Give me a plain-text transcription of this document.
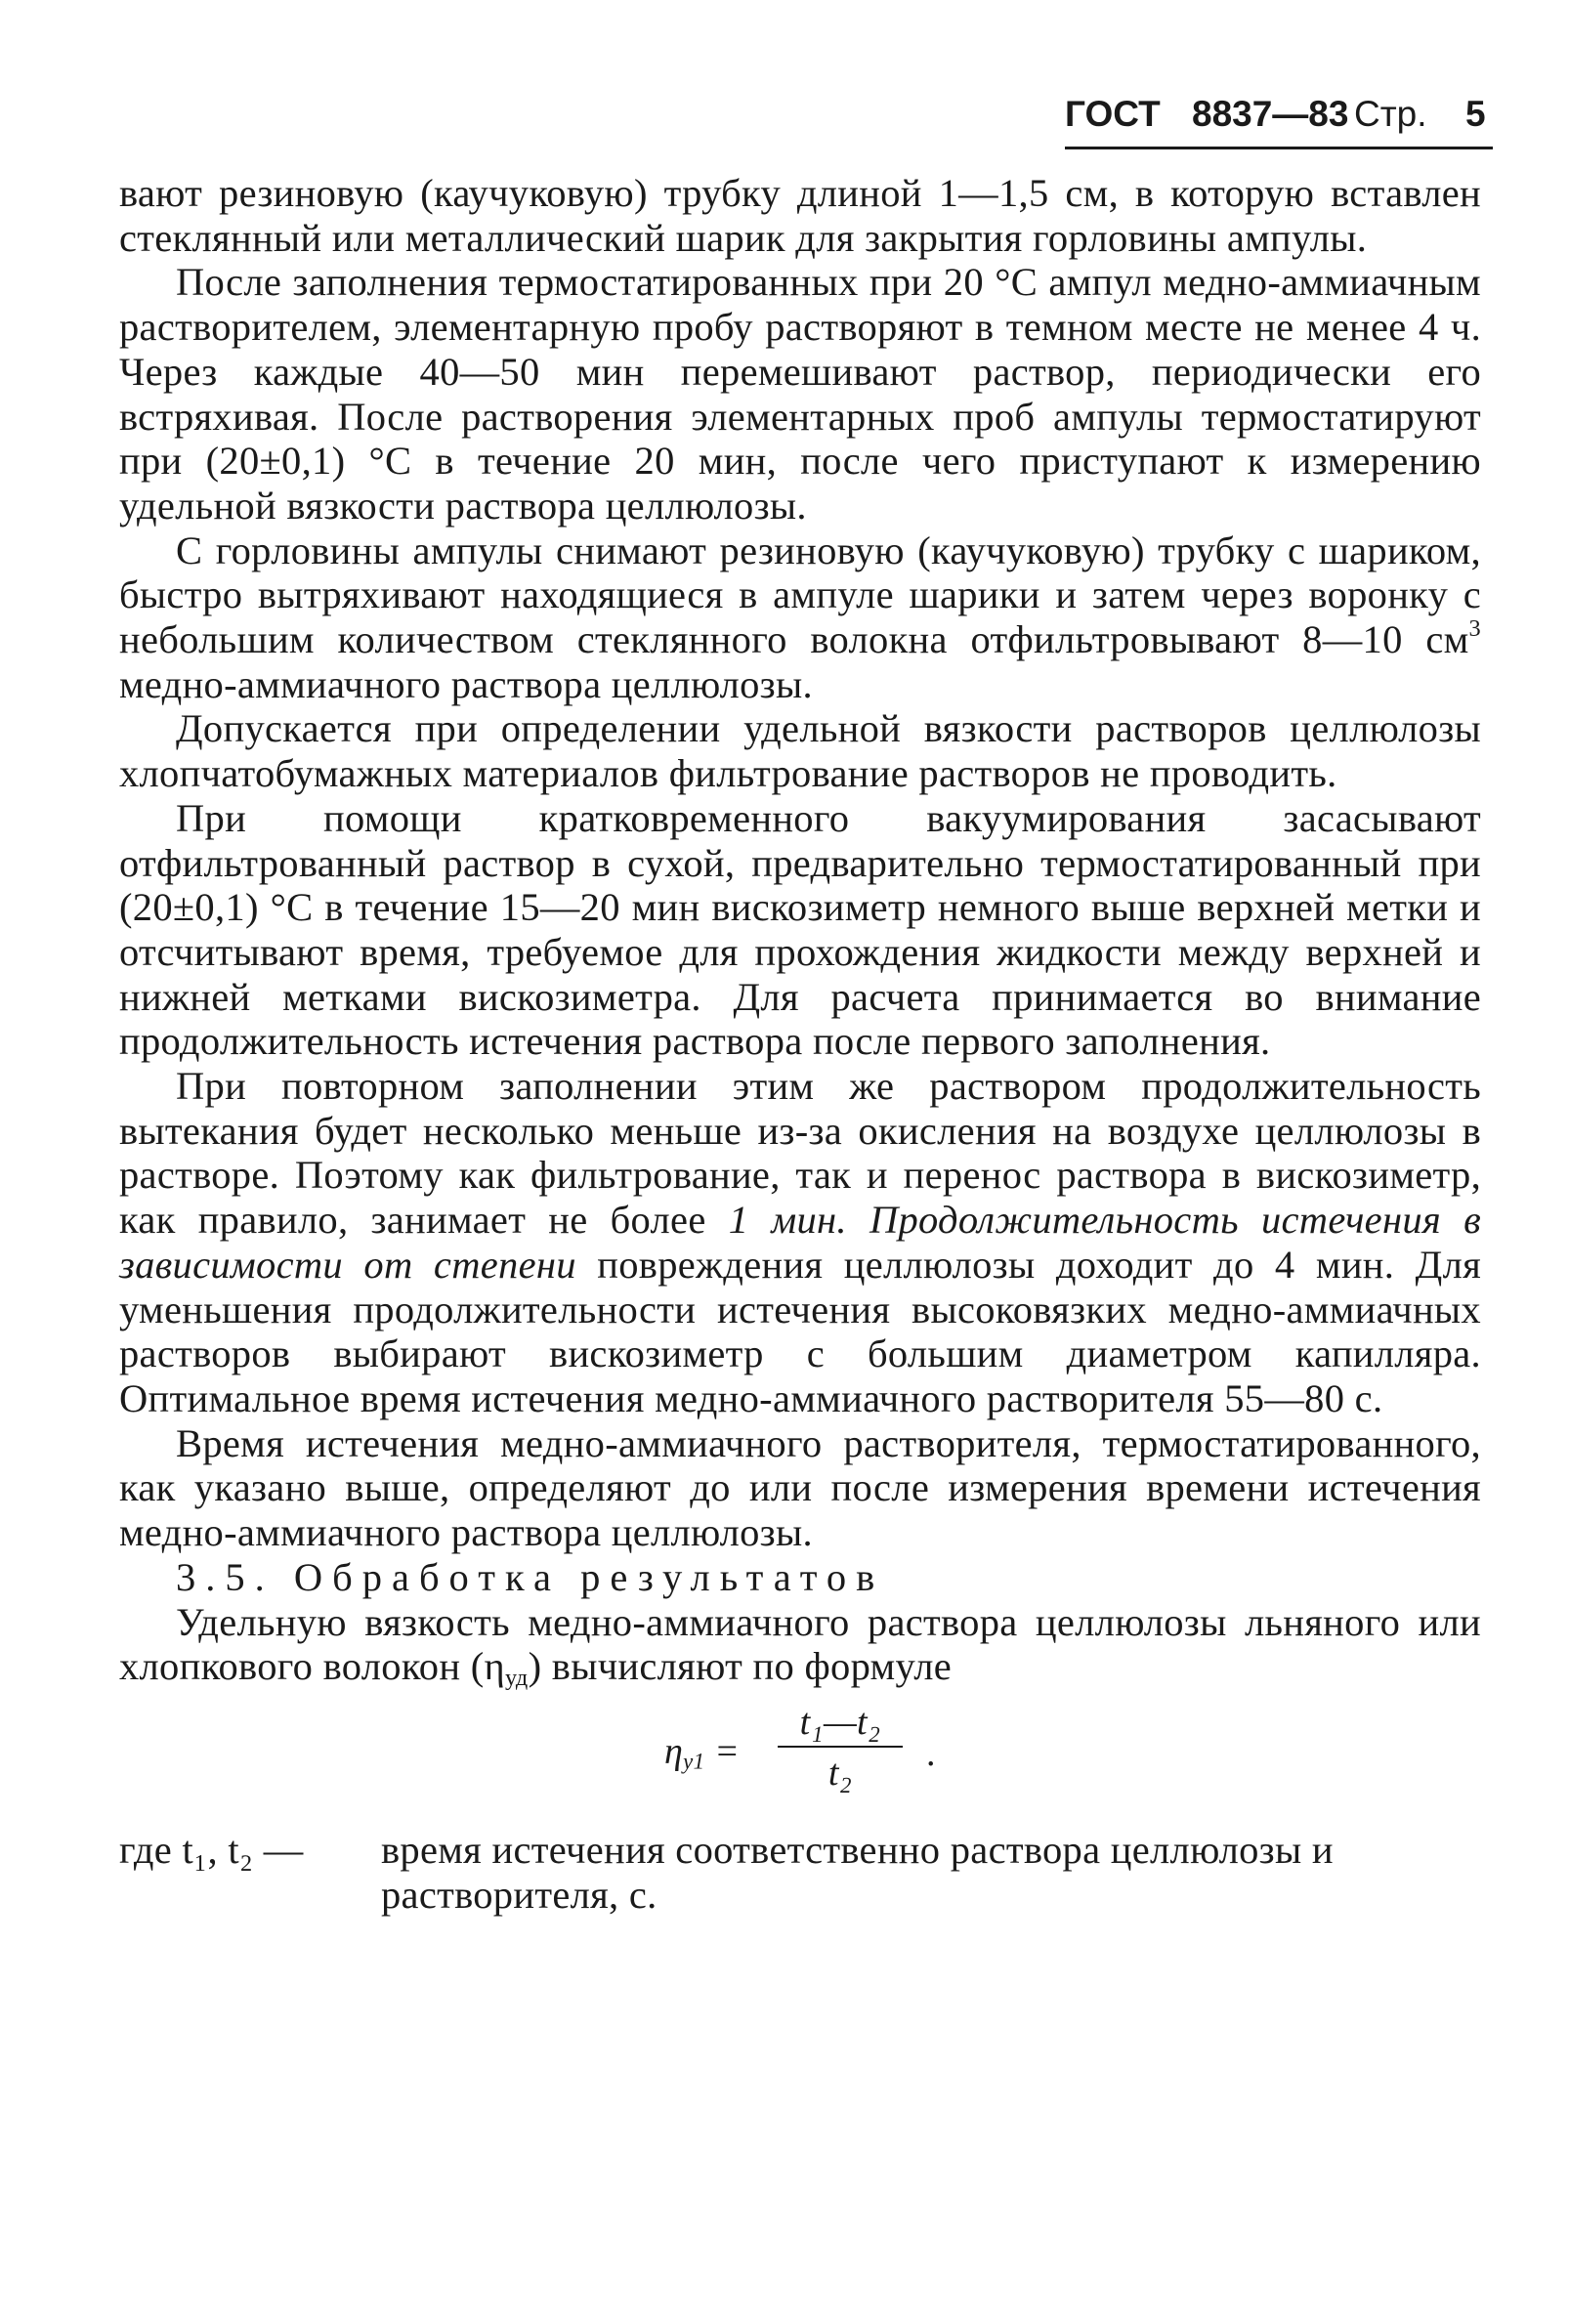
ГОСТ 8837—83 Стр. 5

вают резиновую (каучуковую) трубку длиной 1—1,5 см, в которую вставлен стеклянный или металлический шарик для закрытия горловины ампулы.

После заполнения термостатированных при 20 °С ампул медно-аммиачным растворителем, элементарную пробу растворяют в темном месте не менее 4 ч. Через каждые 40—50 мин перемешивают раствор, периодически его встряхивая. После растворения элементарных проб ампулы термостатируют при (20±0,1) °С в течение 20 мин, после чего приступают к измерению удельной вязкости раствора целлюлозы.

С горловины ампулы снимают резиновую (каучуковую) трубку с шариком, быстро вытряхивают находящиеся в ампуле шарики и затем через воронку с небольшим количеством стеклянного волокна отфильтровывают 8—10 $см^3$ медно-аммиачного раствора целлюлозы.

Допускается при определении удельной вязкости растворов целлюлозы хлопчатобумажных материалов фильтрование растворов не проводить.

При помощи кратковременного вакуумирования засасывают отфильтрованный раствор в сухой, предварительно термостатированный при (20±0,1) °С в течение 15—20 мин вискозиметр немного выше верхней метки и отсчитывают время, требуемое для прохождения жидкости между верхней и нижней метками вискозиметра. Для расчета принимается во внимание продолжительность истечения раствора после первого заполнения.

При повторном заполнении этим же раствором продолжительность вытекания будет несколько меньше из-за окисления на воздухе целлюлозы в растворе. Поэтому как фильтрование, так и перенос раствора в вискозиметр, как правило, занимает не более 1 мин. Продолжительность истечения в зависимости от степени повреждения целлюлозы доходит до 4 мин. Для уменьшения продолжительности истечения высоковязких медно-аммиачных растворов выбирают вискозиметр с большим диаметром капилляра. Оптимальное время истечения медно-аммиачного растворителя 55—80 с.

Время истечения медно-аммиачного растворителя, термостатированного, как указано выше, определяют до или после измерения времени истечения медно-аммиачного раствора целлюлозы.

3.5. Обработка результатов

Удельную вязкость медно-аммиачного раствора целлюлозы льняного или хлопкового волокон $(\eta_{уд})$ вычисляют по формуле

$\eta_{у1}$ =
t₁—t₂
t₂	.
где t₁, t₂ — время истечения соответственно раствора целлюлозы и растворителя, с.
